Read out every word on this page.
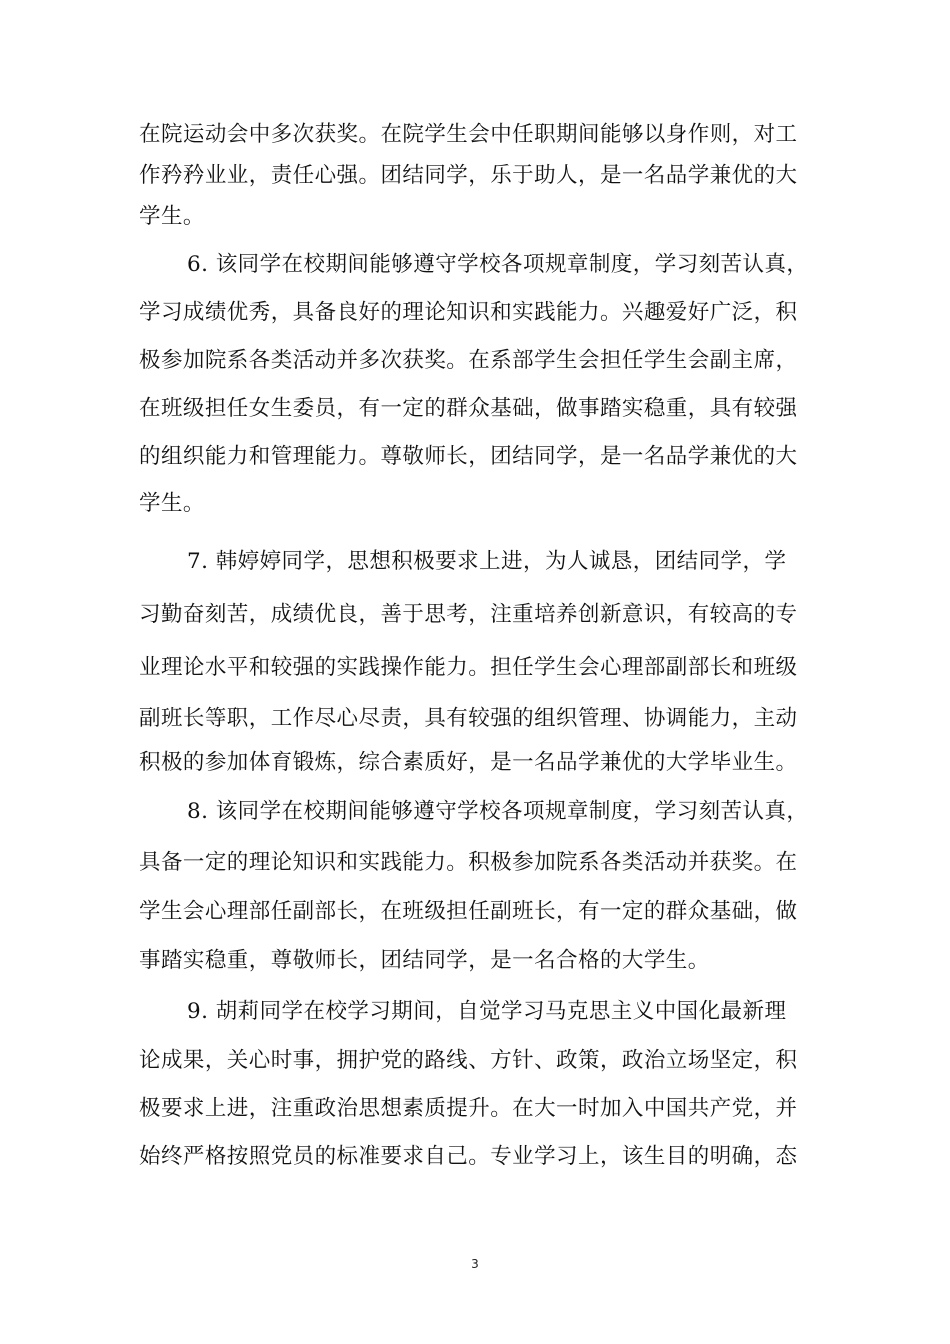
在院运动会中多次获奖。在院学生会中任职期间能够以身作则，对工
作矜矜业业，责任心强。团结同学，乐于助人，是一名品学兼优的大
学生。
6. 该同学在校期间能够遵守学校各项规章制度，学习刻苦认真，
学习成绩优秀，具备良好的理论知识和实践能力。兴趣爱好广泛，积
极参加院系各类活动并多次获奖。在系部学生会担任学生会副主席，
在班级担任女生委员，有一定的群众基础，做事踏实稳重，具有较强
的组织能力和管理能力。尊敬师长，团结同学，是一名品学兼优的大
学生。
7. 韩婷婷同学，思想积极要求上进，为人诚恳，团结同学，学
习勤奋刻苦，成绩优良，善于思考，注重培养创新意识，有较高的专
业理论水平和较强的实践操作能力。担任学生会心理部副部长和班级
副班长等职，工作尽心尽责，具有较强的组织管理、协调能力，主动
积极的参加体育锻炼，综合素质好，是一名品学兼优的大学毕业生。
8. 该同学在校期间能够遵守学校各项规章制度，学习刻苦认真，
具备一定的理论知识和实践能力。积极参加院系各类活动并获奖。在
学生会心理部任副部长，在班级担任副班长，有一定的群众基础，做
事踏实稳重，尊敬师长，团结同学，是一名合格的大学生。
9. 胡莉同学在校学习期间，自觉学习马克思主义中国化最新理
论成果，关心时事，拥护党的路线、方针、政策，政治立场坚定，积
极要求上进，注重政治思想素质提升。在大一时加入中国共产党，并
始终严格按照党员的标准要求自己。专业学习上，该生目的明确，态
3
